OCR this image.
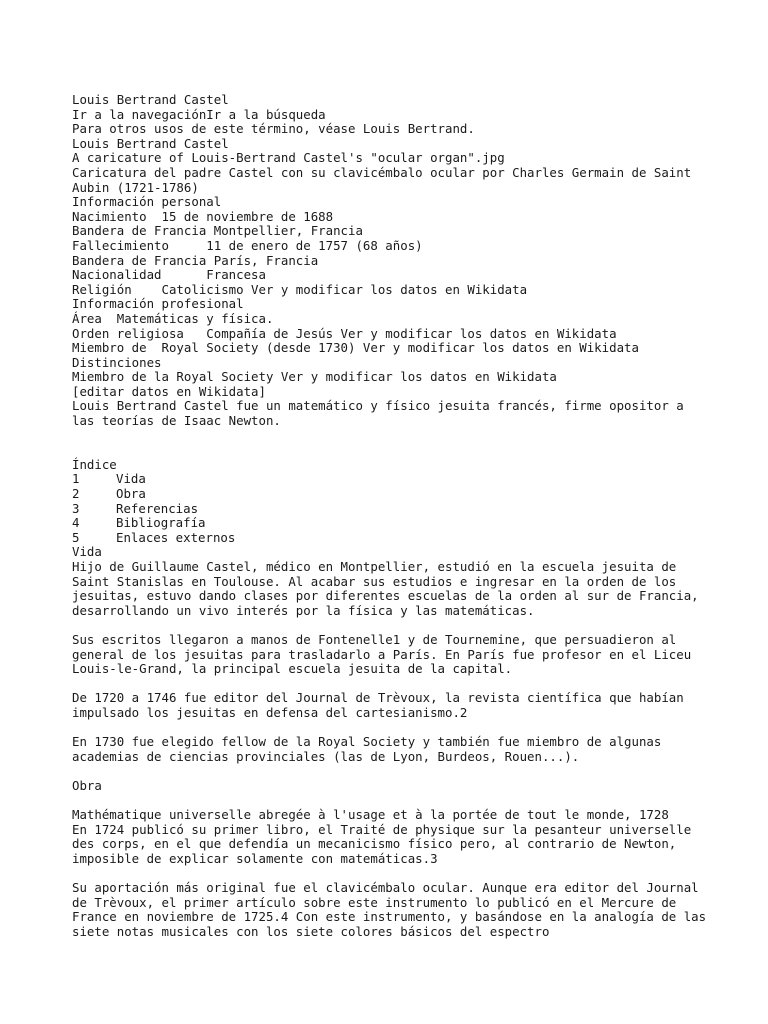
Louis Bertrand Castel
Ir a la navegaciónIr a la búsqueda
Para otros usos de este término, véase Louis Bertrand.
Louis Bertrand Castel
A caricature of Louis-Bertrand Castel's "ocular organ".jpg
Caricatura del padre Castel con su clavicémbalo ocular por Charles Germain de Saint Aubin (1721-1786)
Información personal
Nacimiento  15 de noviembre de 1688
Bandera de Francia Montpellier, Francia
Fallecimiento     11 de enero de 1757 (68 años)
Bandera de Francia París, Francia
Nacionalidad      Francesa
Religión    Catolicismo Ver y modificar los datos en Wikidata
Información profesional
Área  Matemáticas y física.
Orden religiosa   Compañía de Jesús Ver y modificar los datos en Wikidata
Miembro de  Royal Society (desde 1730) Ver y modificar los datos en Wikidata
Distinciones
Miembro de la Royal Society Ver y modificar los datos en Wikidata
[editar datos en Wikidata]
Louis Bertrand Castel fue un matemático y físico jesuita francés, firme opositor a las teorías de Isaac Newton.
Índice
1	Vida
2	Obra
3	Referencias
4	Bibliografía
5	Enlaces externos
Vida
Hijo de Guillaume Castel, médico en Montpellier, estudió en la escuela jesuita de Saint Stanislas en Toulouse. Al acabar sus estudios e ingresar en la orden de los jesuitas, estuvo dando clases por diferentes escuelas de la orden al sur de Francia, desarrollando un vivo interés por la física y las matemáticas.
Sus escritos llegaron a manos de Fontenelle1 y de Tournemine, que persuadieron al general de los jesuitas para trasladarlo a París. En París fue profesor en el Liceu Louis-le-Grand, la principal escuela jesuita de la capital.
De 1720 a 1746 fue editor del Journal de Trèvoux, la revista científica que habían impulsado los jesuitas en defensa del cartesianismo.2
En 1730 fue elegido fellow de la Royal Society y también fue miembro de algunas academias de ciencias provinciales (las de Lyon, Burdeos, Rouen...).
Obra
Mathématique universelle abregée à l'usage et à la portée de tout le monde, 1728
En 1724 publicó su primer libro, el Traité de physique sur la pesanteur universelle des corps, en el que defendía un mecanicismo físico pero, al contrario de Newton, imposible de explicar solamente con matemáticas.3
Su aportación más original fue el clavicémbalo ocular. Aunque era editor del Journal de Trèvoux, el primer artículo sobre este instrumento lo publicó en el Mercure de France en noviembre de 1725.4 Con este instrumento, y basándose en la analogía de las siete notas musicales con los siete colores básicos del espectro
